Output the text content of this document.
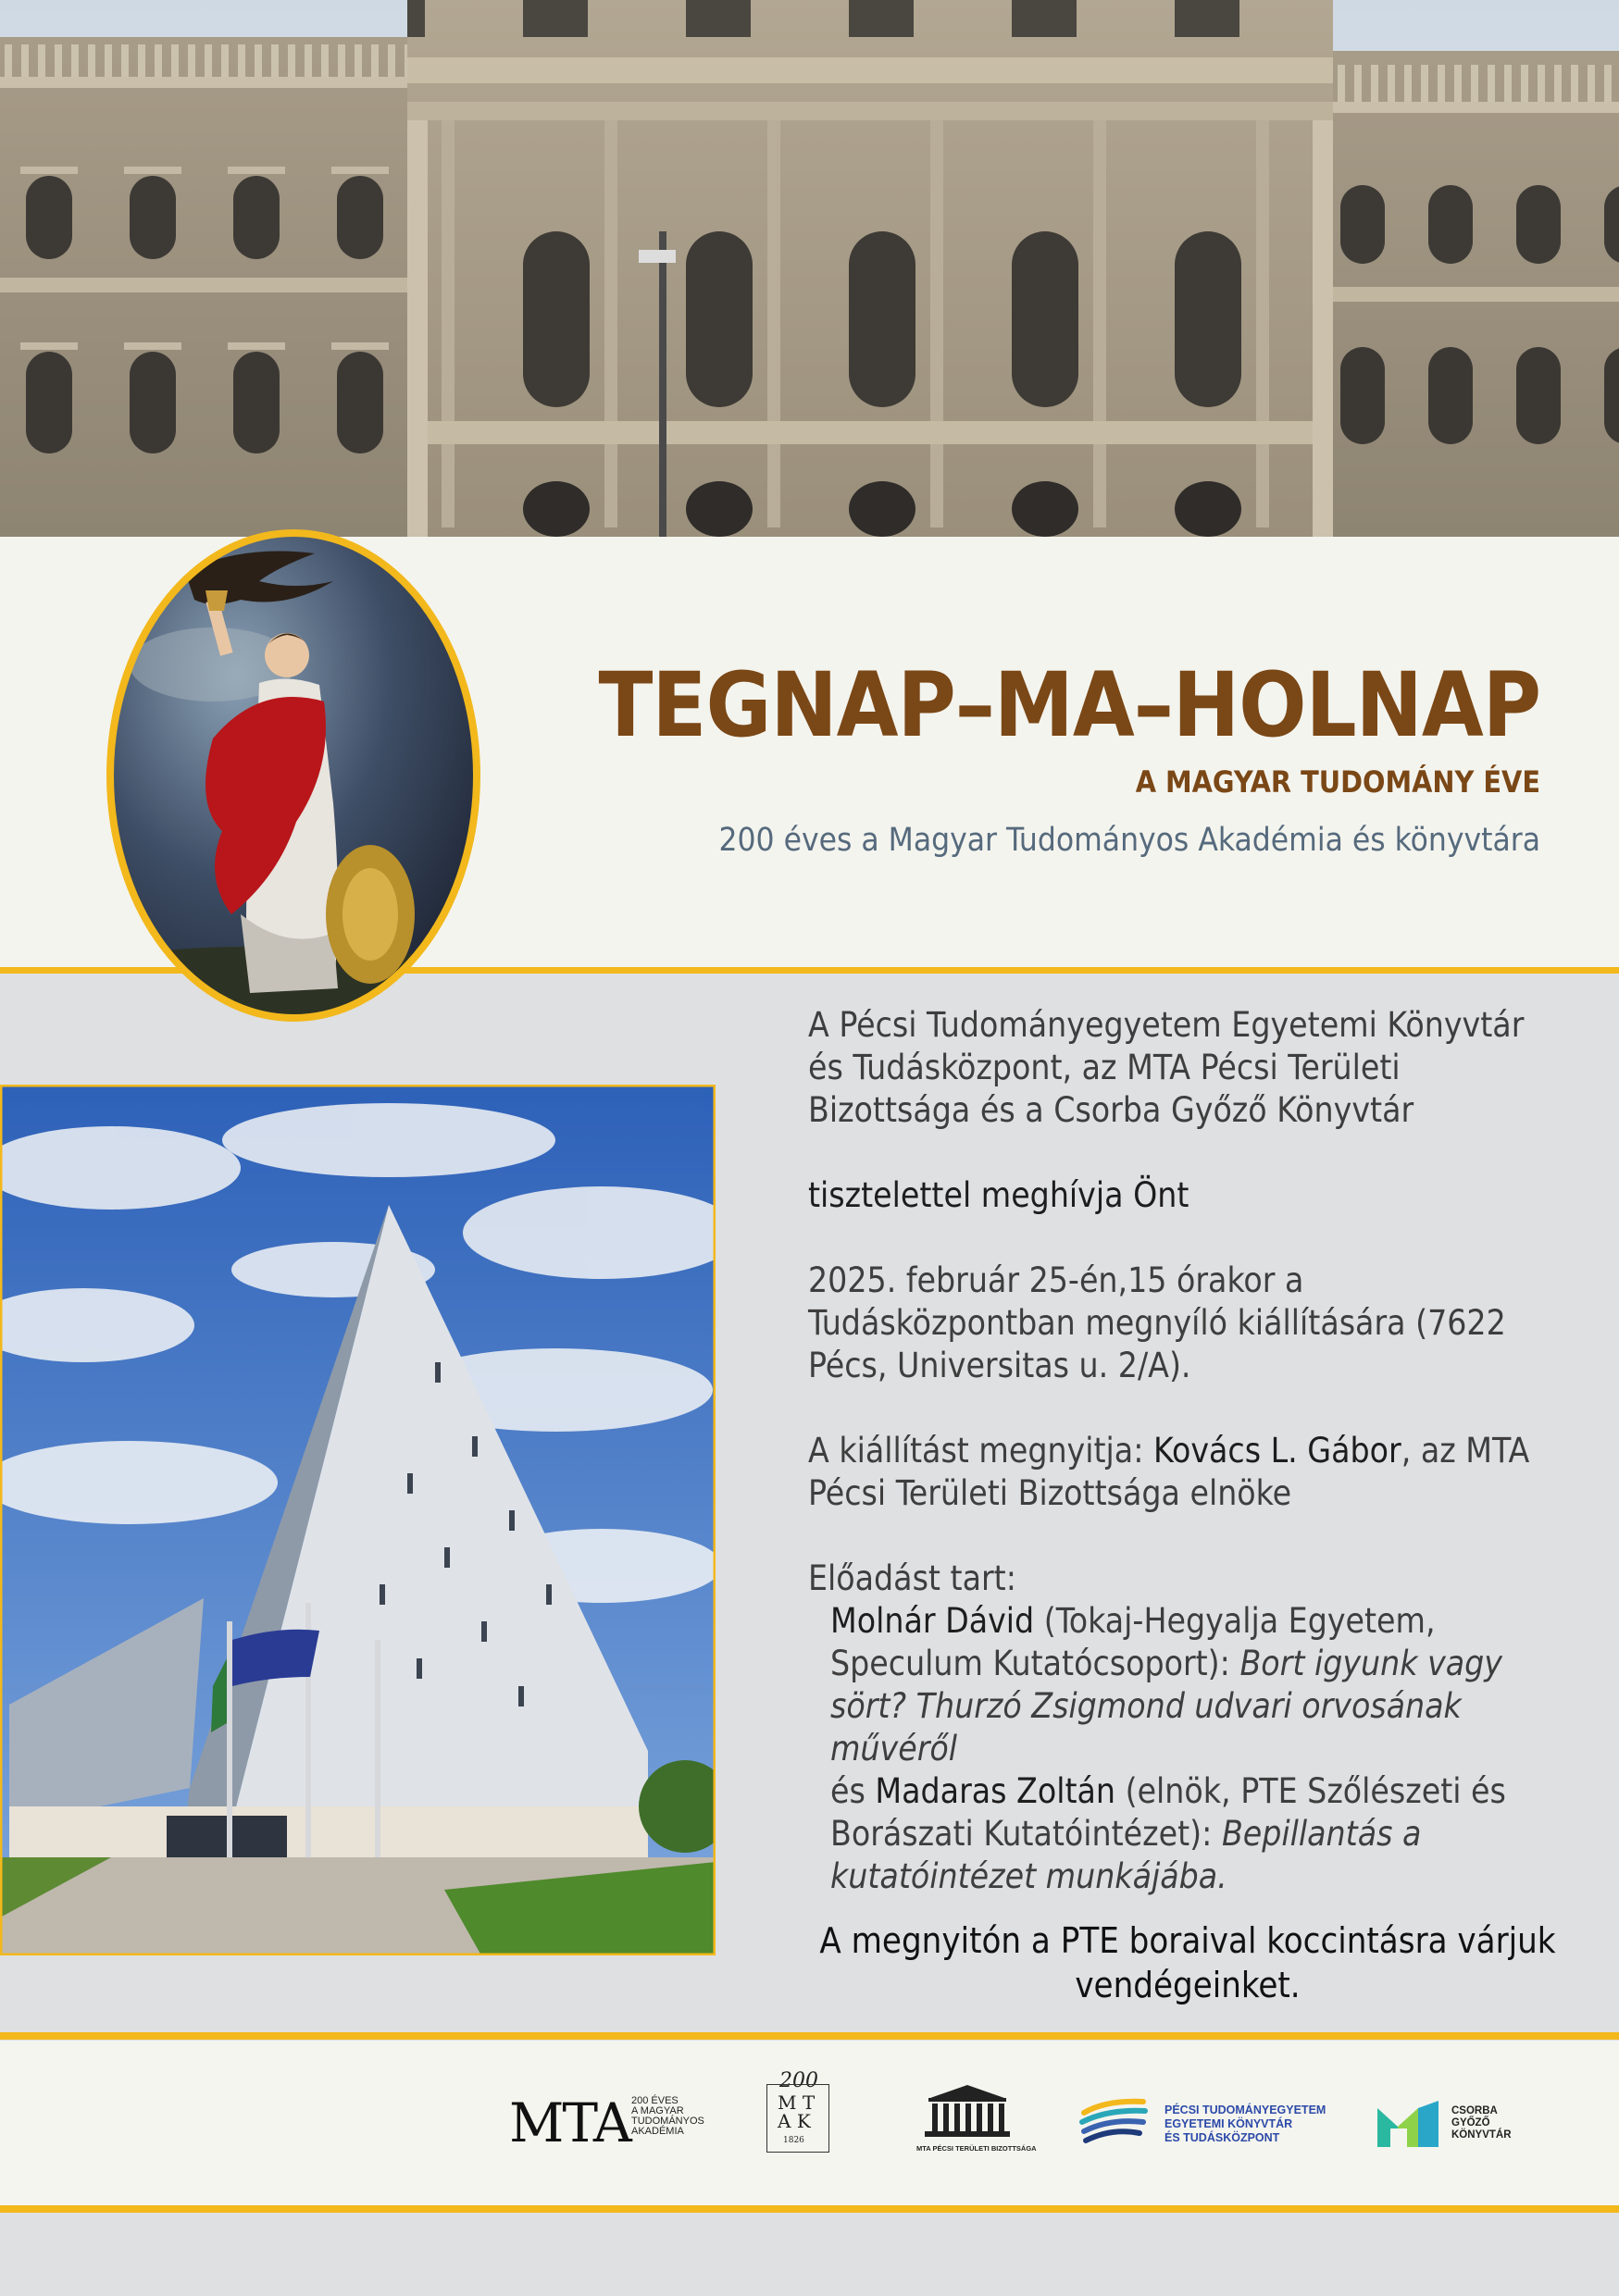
TEGNAP–MA–HOLNAP
A MAGYAR TUDOMÁNY ÉVE
200 éves a Magyar Tudományos Akadémia és könyvtára

A Pécsi Tudományegyetem Egyetemi Könyvtár és Tudásközpont, az MTA Pécsi Területi Bizottsága és a Csorba Győző Könyvtár

tisztelettel meghívja Önt

2025. február 25-én,15 órakor a Tudásközpontban megnyíló kiállítására (7622 Pécs, Universitas u. 2/A).

A kiállítást megnyitja: Kovács L. Gábor, az MTA Pécsi Területi Bizottsága elnöke

Előadást tart:
Molnár Dávid (Tokaj-Hegyalja Egyetem, Speculum Kutatócsoport): Bort igyunk vagy sört? Thurzó Zsigmond udvari orvosának művéről
és Madaras Zoltán (elnök, PTE Szőlészeti és Borászati Kutatóintézet): Bepillantás a kutatóintézet munkájába.
A megnyitón a PTE boraival koccintásra várjuk vendégeinket.
MTA 200 ÉVES
A MAGYAR
TUDOMÁNYOS
AKADÉMIA
200
M T
A K
1826
MTA PÉCSI TERÜLETI BIZOTTSÁGA
PÉCSI TUDOMÁNYEGYETEM
EGYETEMI KÖNYVTÁR
ÉS TUDÁSKÖZPONT
CSORBA
GYŐZŐ
KÖNYVTÁR
